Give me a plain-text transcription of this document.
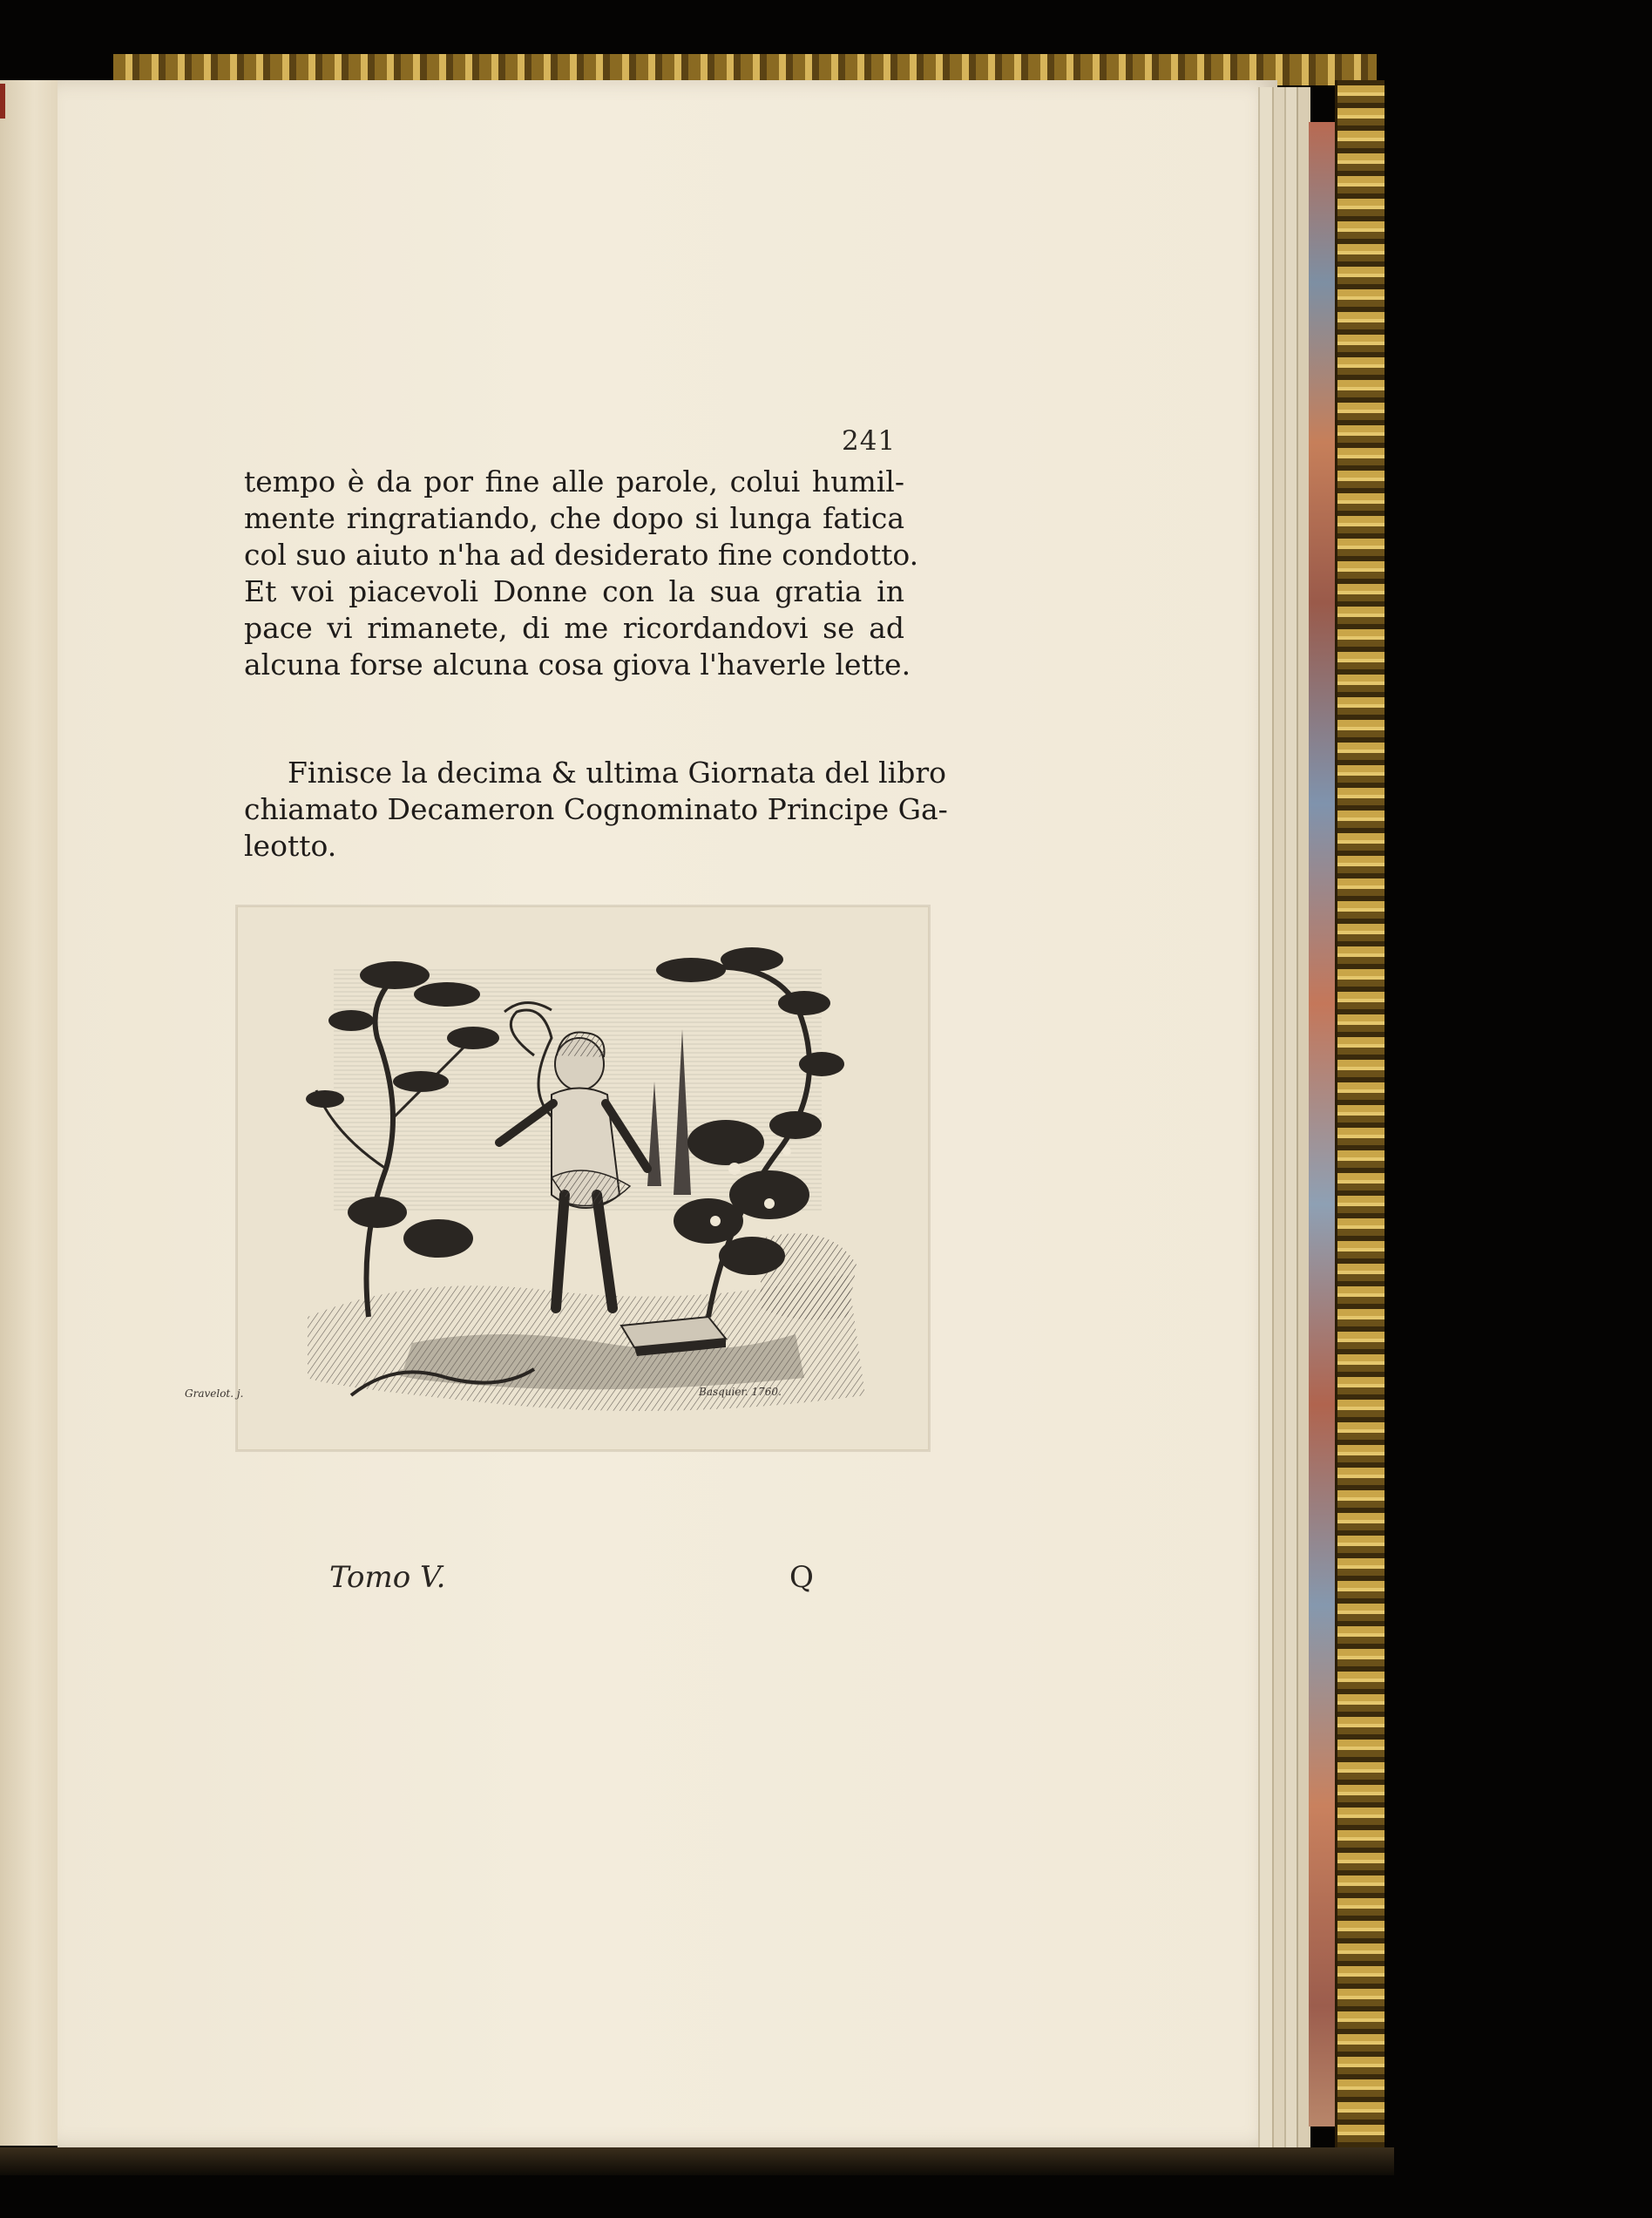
241

tempo è da por fine alle parole, colui humil-
mente ringratiando, che dopo si lunga fatica
col suo aiuto n'ha ad desiderato fine condotto.
Et voi piacevoli Donne con la sua gratia in
pace vi rimanete, di me ricordandovi se ad
alcuna forse alcuna cosa giova l'haverle lette.

Finisce la decima & ultima Giornata del libro
chiamato Decameron Cognominato Principe Ga-
leotto.

Gravelot. j.	Basquier. 1760.
Tomo V.	Q
